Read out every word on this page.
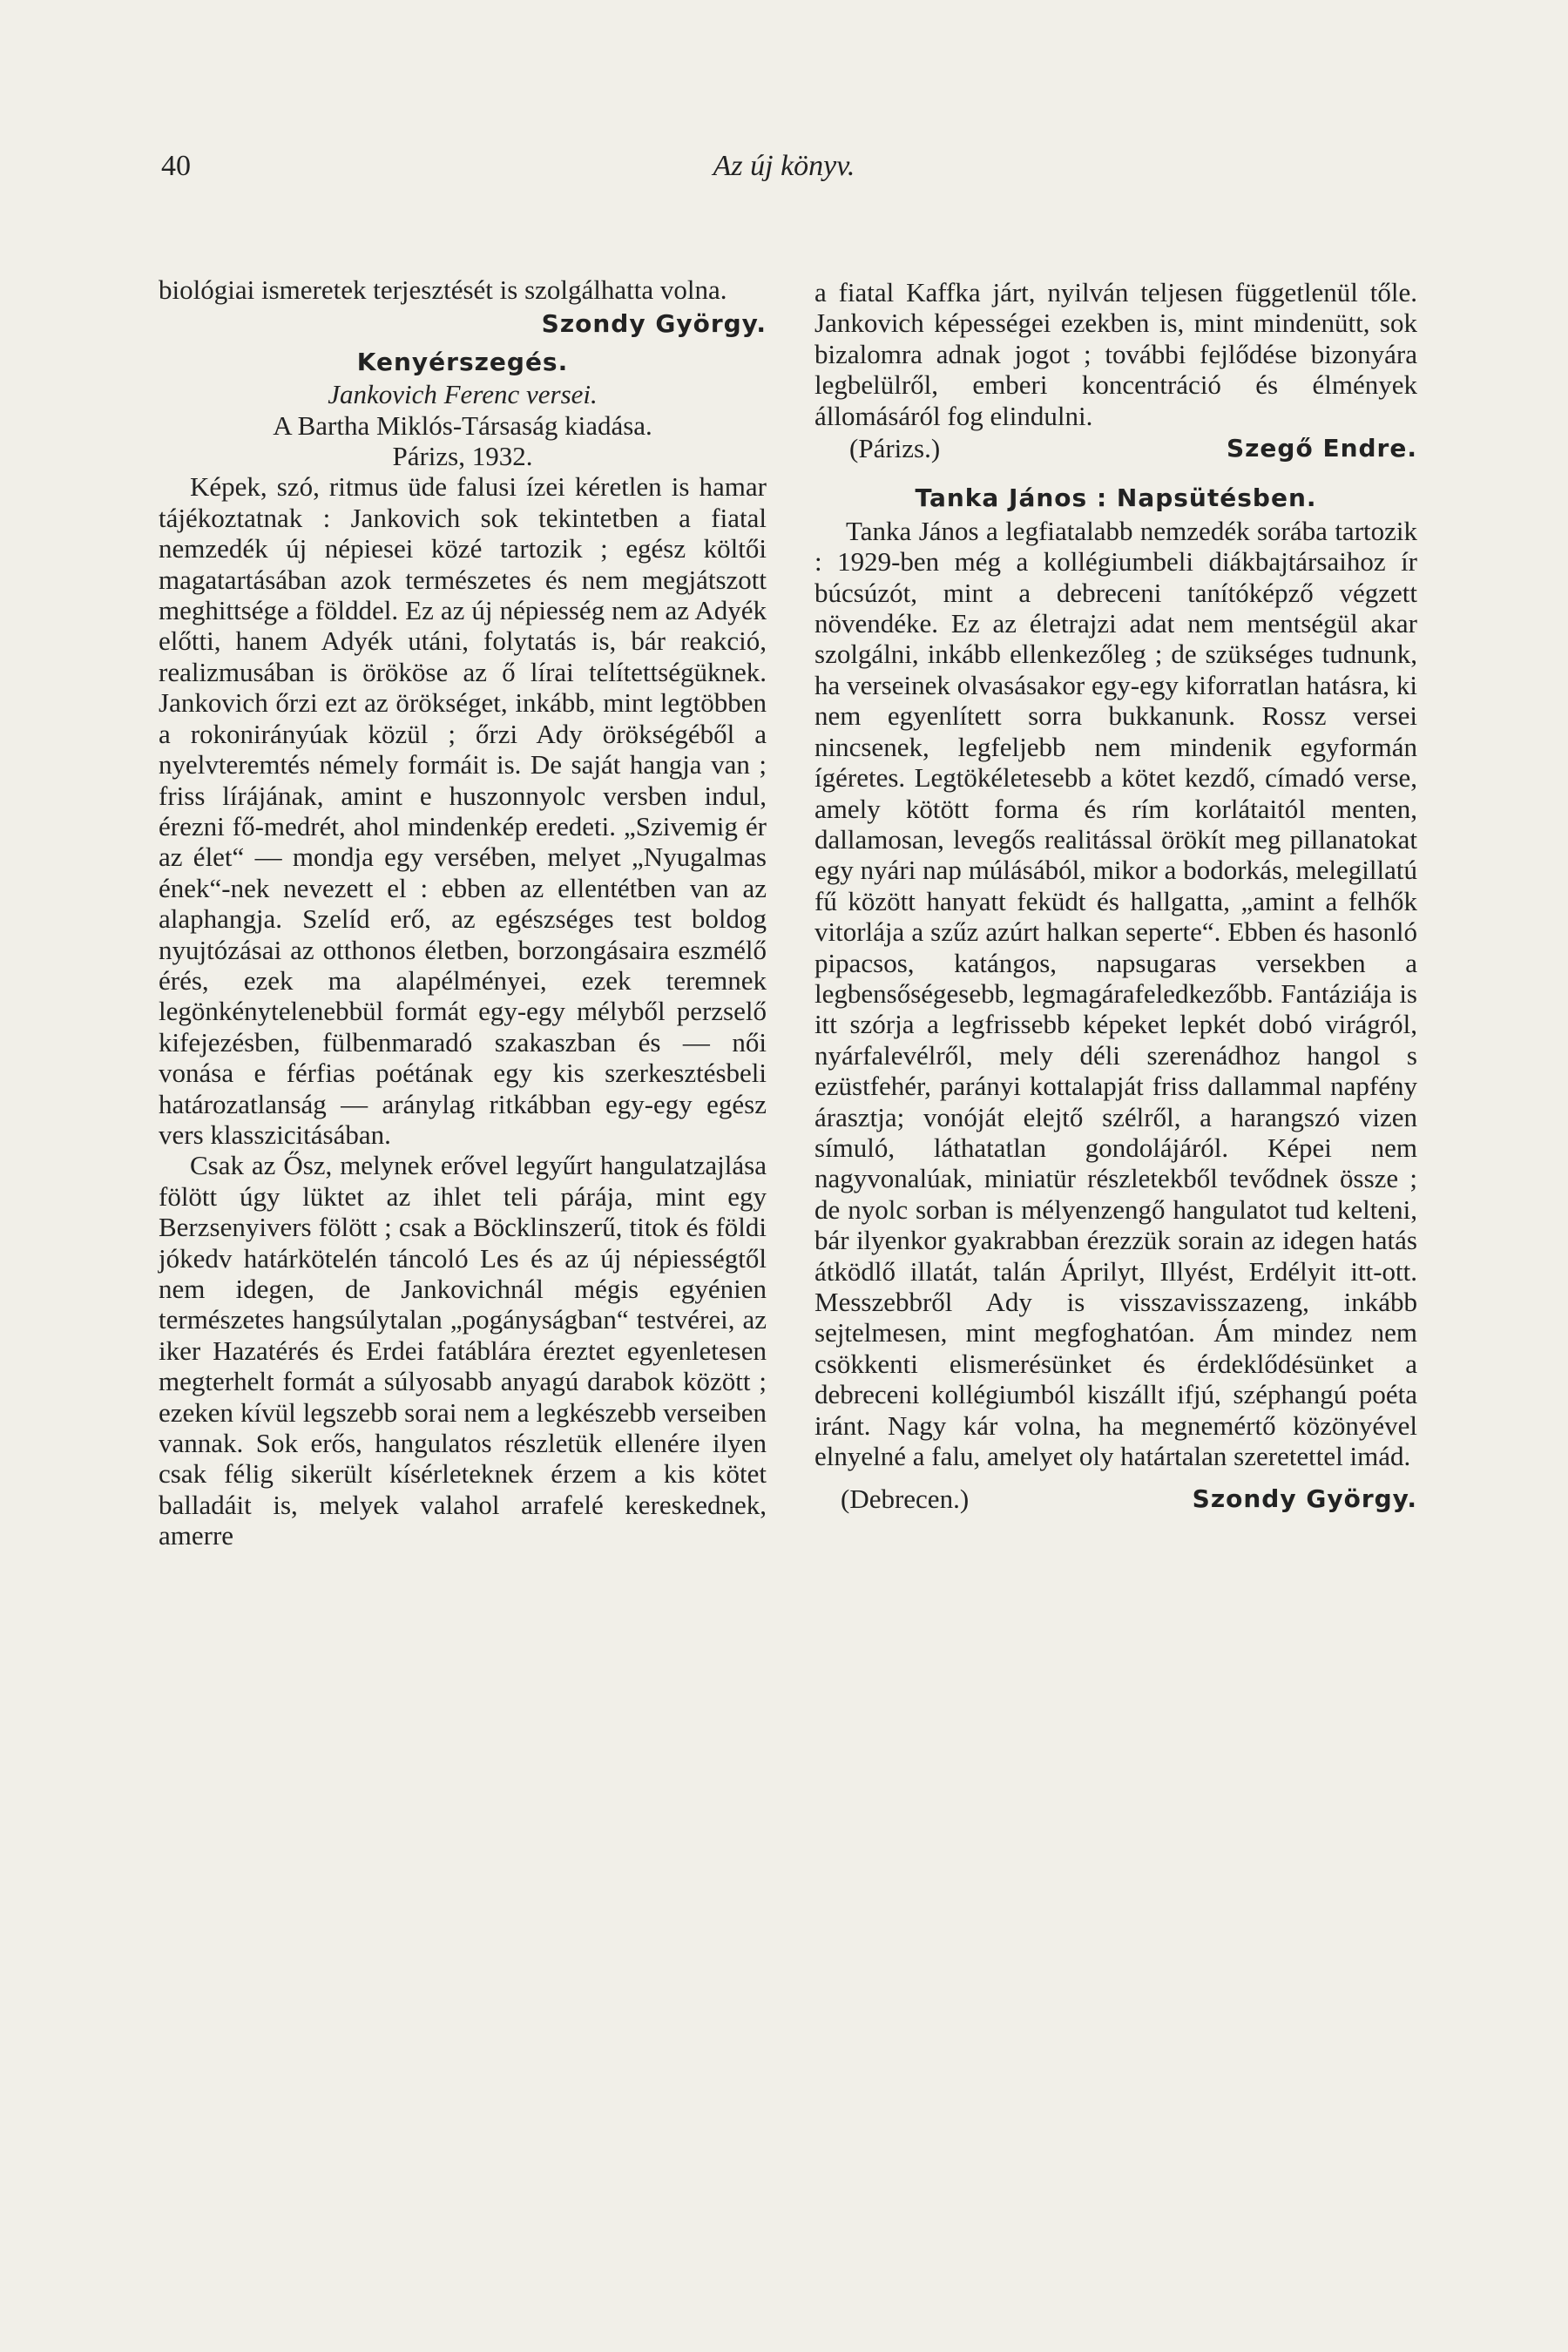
40	Az új könyv.

biológiai ismeretek terjesztését is szolgálhatta volna.

Szondy György.
Kenyérszegés.
Jankovich Ferenc versei.
A Bartha Miklós-Társaság kiadása.
Párizs, 1932.

Képek, szó, ritmus üde falusi ízei kéretlen is hamar tájékoztatnak : Jankovich sok tekintetben a fiatal nemzedék új népiesei közé tartozik ; egész költői magatartásában azok természetes és nem megjátszott meghittsége a földdel. Ez az új népiesség nem az Adyék előtti, hanem Adyék utáni, folytatás is, bár reakció, realizmusában is örököse az ő lírai telítettségüknek. Jankovich őrzi ezt az örökséget, inkább, mint legtöbben a rokonirányúak közül ; őrzi Ady örökségéből a nyelvteremtés némely formáit is. De saját hangja van ; friss lírájának, amint e huszonnyolc versben indul, érezni fő-medrét, ahol mindenkép eredeti. „Szivemig ér az élet“ — mondja egy versében, melyet „Nyugalmas ének“-nek nevezett el : ebben az ellentétben van az alaphangja. Szelíd erő, az egészséges test boldog nyujtózásai az otthonos életben, borzongásaira eszmélő érés, ezek ma alapélményei, ezek teremnek legönkénytelenebbül formát egy-egy mélyből perzselő kifejezésben, fülbenmaradó szakaszban és — női vonása e férfias poétának egy kis szerkesztésbeli határozatlanság — aránylag ritkábban egy-egy egész vers klasszicitásában.

Csak az Ősz, melynek erővel legyűrt hangulatzajlása fölött úgy lüktet az ihlet teli párája, mint egy Berzsenyivers fölött ; csak a Böcklinszerű, titok és földi jókedv határkötelén táncoló Les és az új népiességtől nem idegen, de Jankovichnál mégis egyénien természetes hangsúlytalan „pogányságban“ testvérei, az iker Hazatérés és Erdei fatáblára éreztet egyenletesen megterhelt formát a súlyosabb anyagú darabok között ; ezeken kívül legszebb sorai nem a legkészebb verseiben vannak. Sok erős, hangulatos részletük ellenére ilyen csak félig sikerült kísérleteknek érzem a kis kötet balladáit is, melyek valahol arrafelé kereskednek, amerre

a fiatal Kaffka járt, nyilván teljesen függetlenül tőle. Jankovich képességei ezekben is, mint mindenütt, sok bizalomra adnak jogot ; további fejlődése bizonyára legbelülről, emberi koncentráció és élmények állomásáról fog elindulni.

(Párizs.)	Szegő Endre.
Tanka János : Napsütésben.

Tanka János a legfiatalabb nemzedék sorába tartozik : 1929-ben még a kollégiumbeli diákbajtársaihoz ír búcsúzót, mint a debreceni tanítóképző végzett növendéke. Ez az életrajzi adat nem mentségül akar szolgálni, inkább ellenkezőleg ; de szükséges tudnunk, ha verseinek olvasásakor egy-egy kiforratlan hatásra, ki nem egyenlített sorra bukkanunk. Rossz versei nincsenek, legfeljebb nem mindenik egyformán ígéretes. Legtökéletesebb a kötet kezdő, címadó verse, amely kötött forma és rím korlátaitól menten, dallamosan, levegős realitással örökít meg pillanatokat egy nyári nap múlásából, mikor a bodorkás, melegillatú fű között hanyatt feküdt és hallgatta, „amint a felhők vitorlája a szűz azúrt halkan seperte“. Ebben és hasonló pipacsos, katángos, napsugaras versekben a legbensőségesebb, legmagárafeledkezőbb. Fantáziája is itt szórja a legfrissebb képeket lepkét dobó virágról, nyárfalevélről, mely déli szerenádhoz hangol s ezüstfehér, parányi kottalapját friss dallammal napfény árasztja; vonóját elejtő szélről, a harangszó vizen símuló, láthatatlan gondolájáról. Képei nem nagyvonalúak, miniatür részletekből tevődnek össze ; de nyolc sorban is mélyenzengő hangulatot tud kelteni, bár ilyenkor gyakrabban érezzük sorain az idegen hatás átködlő illatát, talán Áprilyt, Illyést, Erdélyit itt-ott. Messzebbről Ady is visszavisszazeng, inkább sejtelmesen, mint megfoghatóan. Ám mindez nem csökkenti elismerésünket és érdeklődésünket a debreceni kollégiumból kiszállt ifjú, széphangú poéta iránt. Nagy kár volna, ha megnemértő közönyével elnyelné a falu, amelyet oly határtalan szeretettel imád.

(Debrecen.)	Szondy György.
